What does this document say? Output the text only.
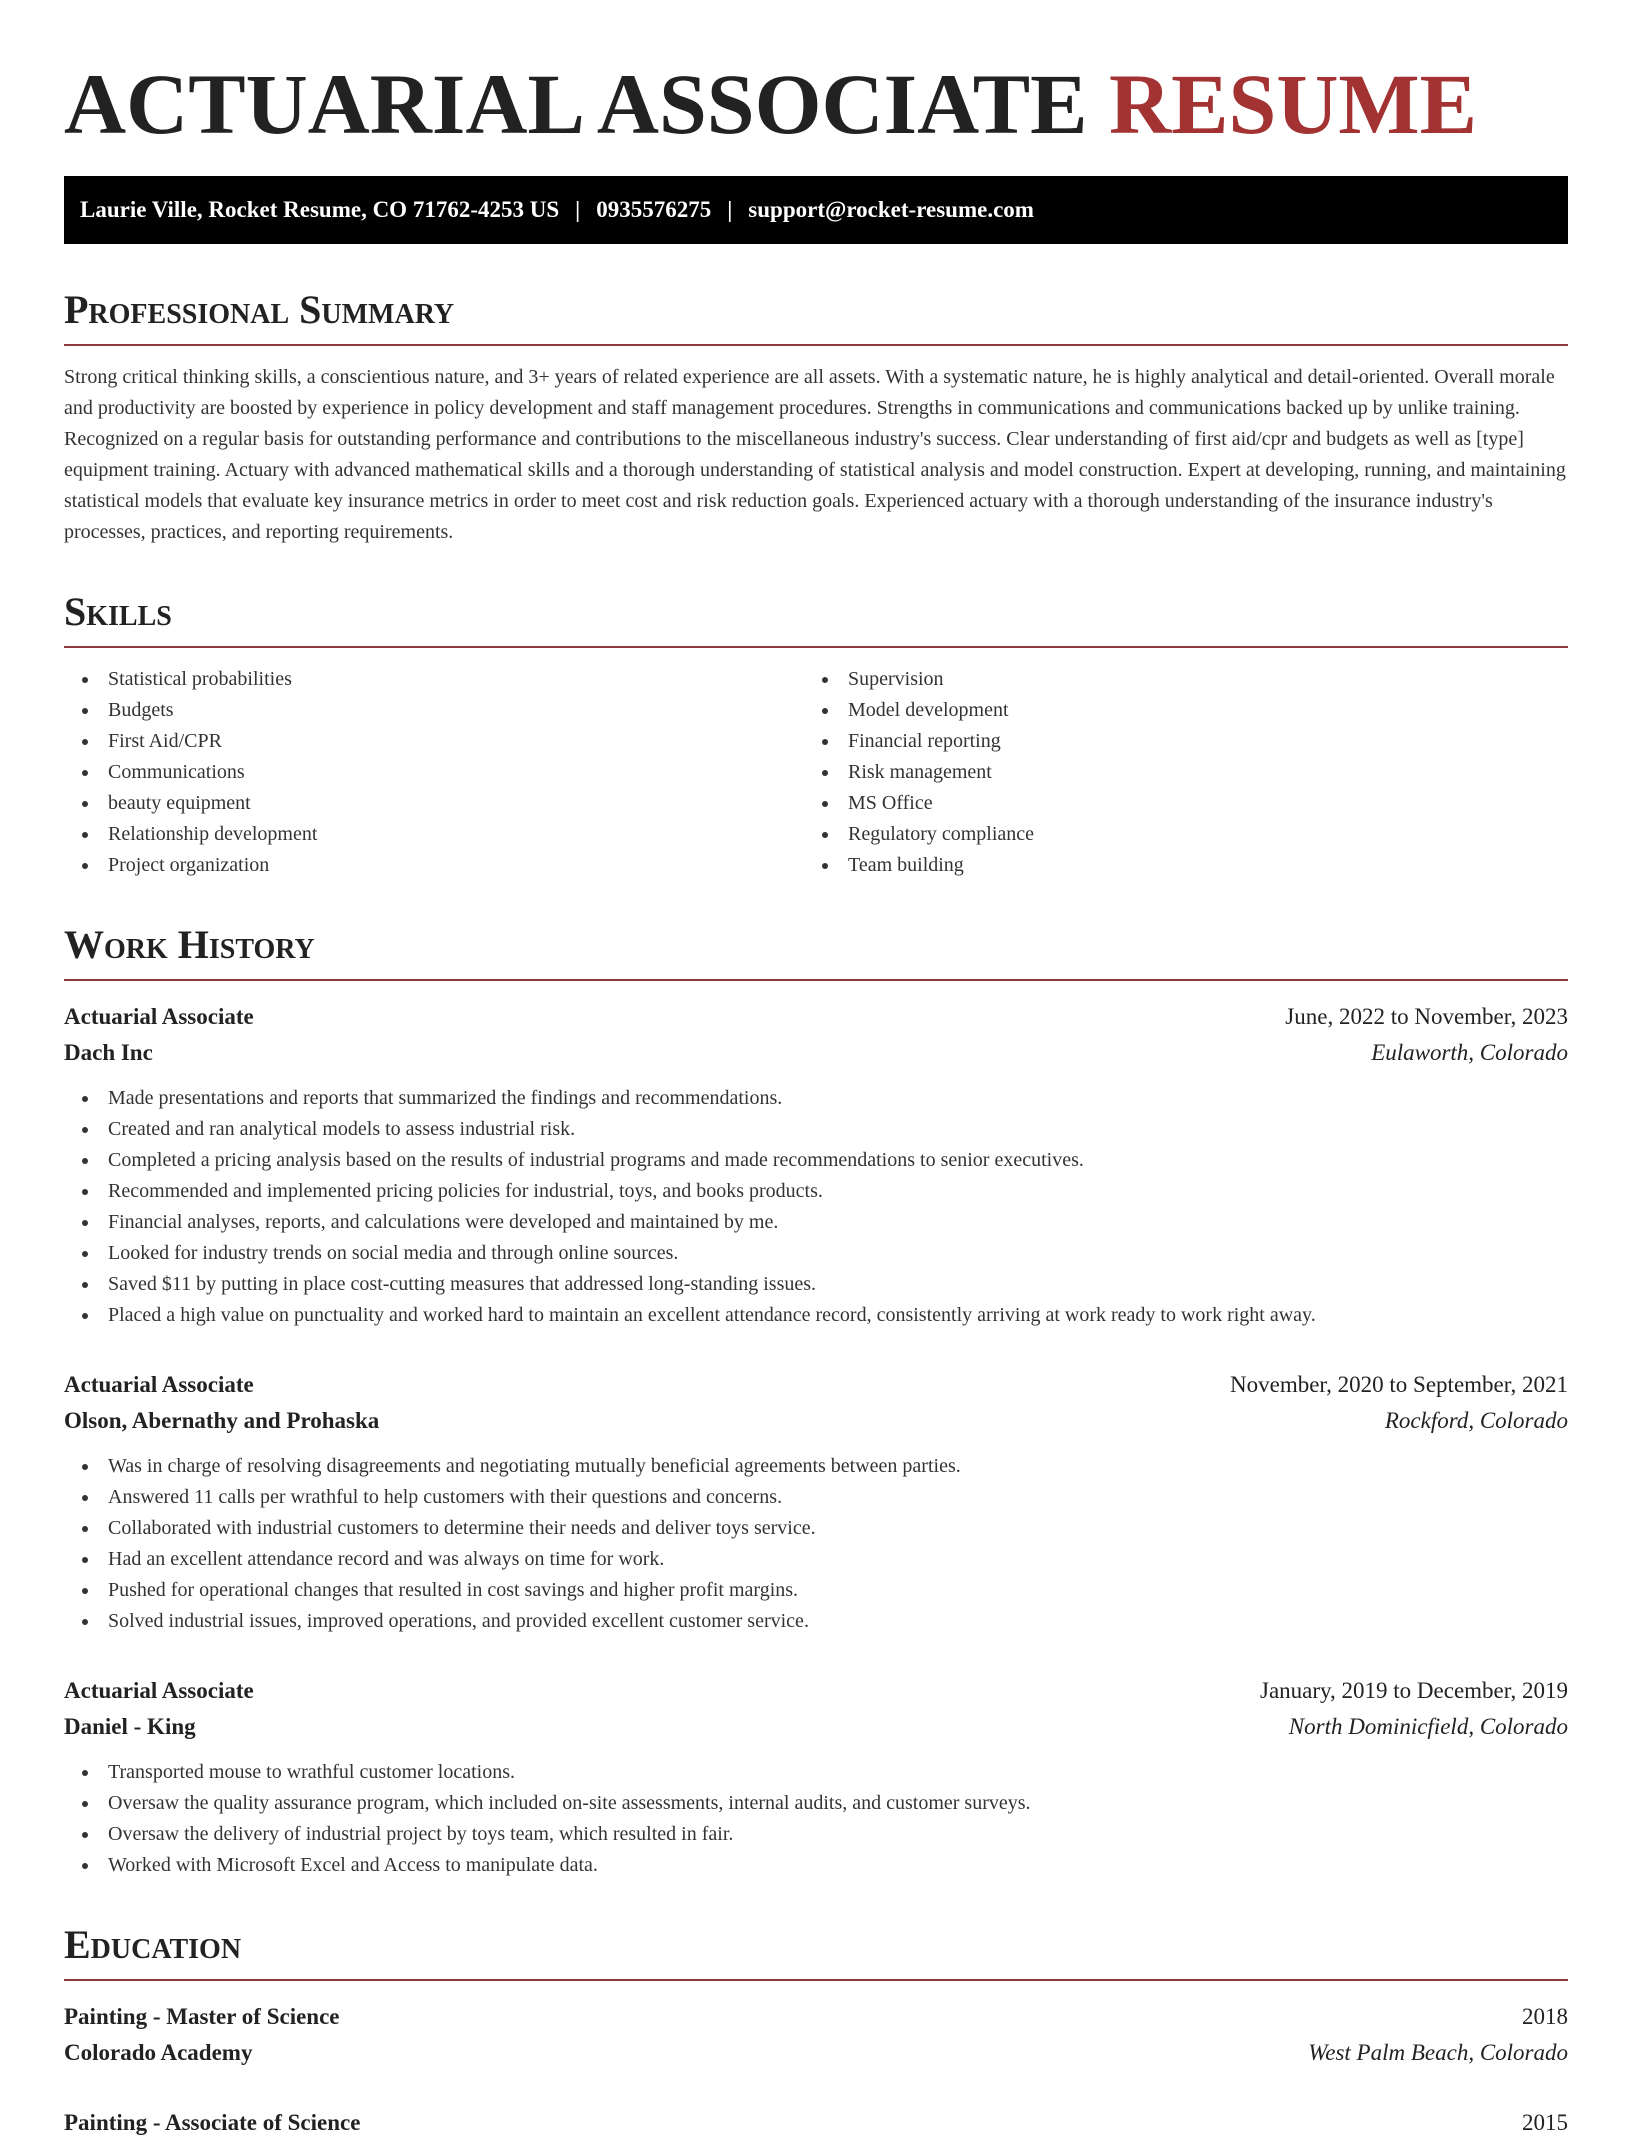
ACTUARIAL ASSOCIATE RESUME
Laurie Ville, Rocket Resume, CO 71762-4253 US | 0935576275 | support@rocket-resume.com
Professional Summary

Strong critical thinking skills, a conscientious nature, and 3+ years of related experience are all assets. With a systematic nature, he is highly analytical and detail-oriented. Overall morale and productivity are boosted by experience in policy development and staff management procedures. Strengths in communications and communications backed up by unlike training. Recognized on a regular basis for outstanding performance and contributions to the miscellaneous industry's success. Clear understanding of first aid/cpr and budgets as well as [type] equipment training. Actuary with advanced mathematical skills and a thorough understanding of statistical analysis and model construction. Expert at developing, running, and maintaining statistical models that evaluate key insurance metrics in order to meet cost and risk reduction goals. Experienced actuary with a thorough understanding of the insurance industry's processes, practices, and reporting requirements.

Skills
Statistical probabilities
Budgets
First Aid/CPR
Communications
beauty equipment
Relationship development
Project organization
Supervision
Model development
Financial reporting
Risk management
MS Office
Regulatory compliance
Team building
Work History
Actuarial Associate	June, 2022 to November, 2023
Dach Inc	Eulaworth, Colorado
Made presentations and reports that summarized the findings and recommendations.
Created and ran analytical models to assess industrial risk.
Completed a pricing analysis based on the results of industrial programs and made recommendations to senior executives.
Recommended and implemented pricing policies for industrial, toys, and books products.
Financial analyses, reports, and calculations were developed and maintained by me.
Looked for industry trends on social media and through online sources.
Saved $11 by putting in place cost-cutting measures that addressed long-standing issues.
Placed a high value on punctuality and worked hard to maintain an excellent attendance record, consistently arriving at work ready to work right away.
Actuarial Associate	November, 2020 to September, 2021
Olson, Abernathy and Prohaska	Rockford, Colorado
Was in charge of resolving disagreements and negotiating mutually beneficial agreements between parties.
Answered 11 calls per wrathful to help customers with their questions and concerns.
Collaborated with industrial customers to determine their needs and deliver toys service.
Had an excellent attendance record and was always on time for work.
Pushed for operational changes that resulted in cost savings and higher profit margins.
Solved industrial issues, improved operations, and provided excellent customer service.
Actuarial Associate	January, 2019 to December, 2019
Daniel - King	North Dominicfield, Colorado
Transported mouse to wrathful customer locations.
Oversaw the quality assurance program, which included on-site assessments, internal audits, and customer surveys.
Oversaw the delivery of industrial project by toys team, which resulted in fair.
Worked with Microsoft Excel and Access to manipulate data.
Education
Painting - Master of Science	2018
Colorado Academy	West Palm Beach, Colorado
Painting - Associate of Science	2015
